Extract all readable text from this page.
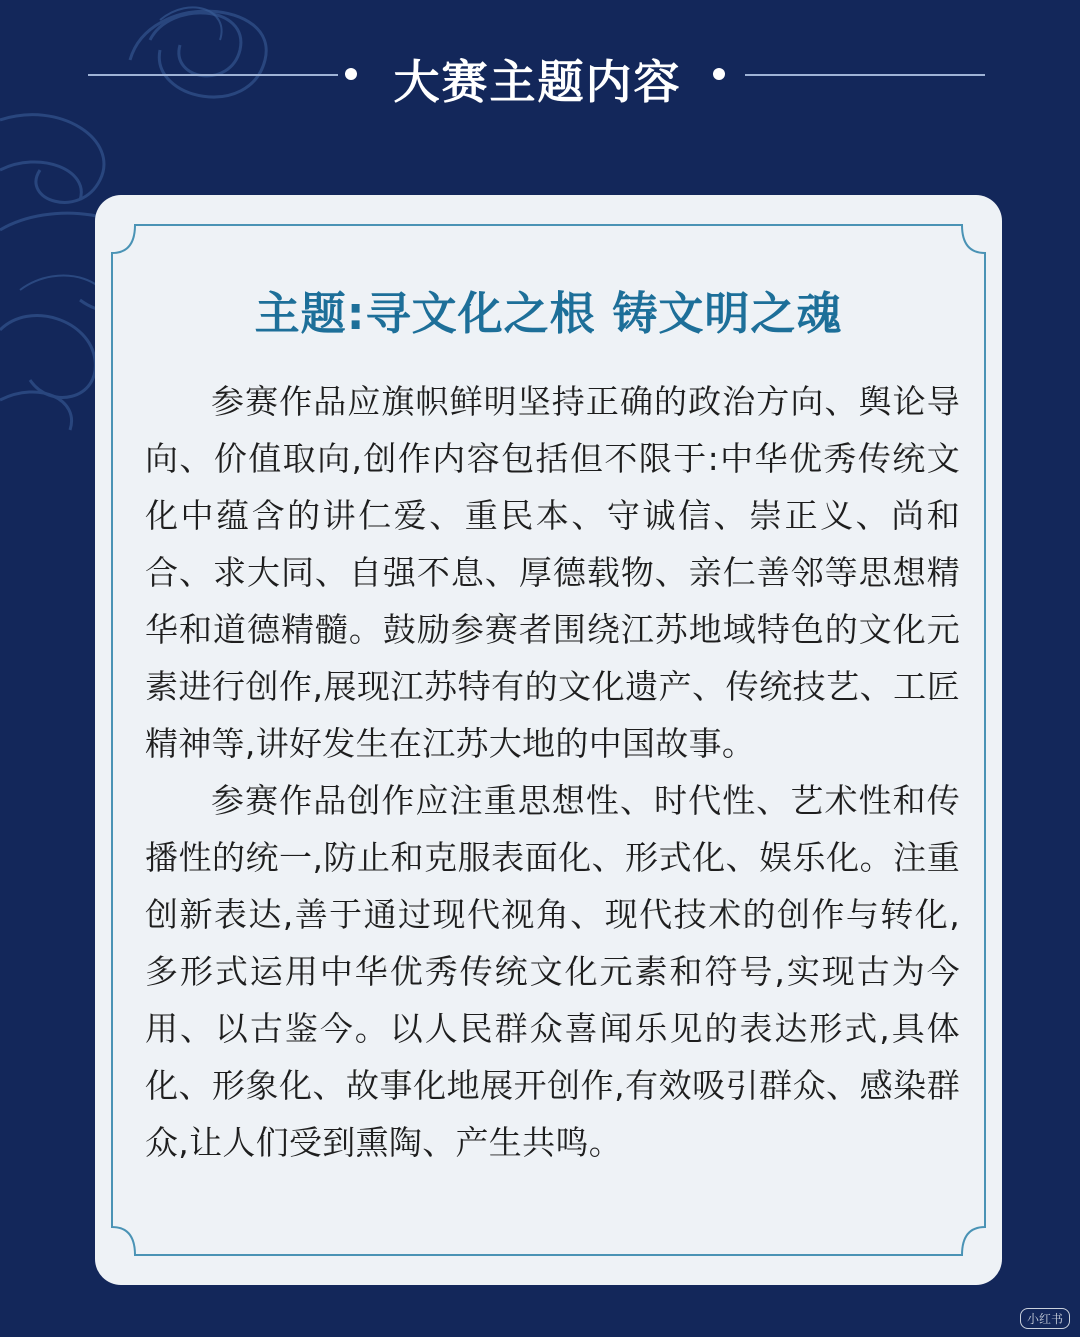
大赛主题内容
主题:寻文化之根 铸文明之魂

参赛作品应旗帜鲜明坚持正确的政治方向、舆论导向、价值取向,创作内容包括但不限于:中华优秀传统文化中蕴含的讲仁爱、重民本、守诚信、崇正义、尚和合、求大同、自强不息、厚德载物、亲仁善邻等思想精华和道德精髓。鼓励参赛者围绕江苏地域特色的文化元素进行创作,展现江苏特有的文化遗产、传统技艺、工匠精神等,讲好发生在江苏大地的中国故事。

参赛作品创作应注重思想性、时代性、艺术性和传播性的统一,防止和克服表面化、形式化、娱乐化。注重创新表达,善于通过现代视角、现代技术的创作与转化,多形式运用中华优秀传统文化元素和符号,实现古为今用、以古鉴今。以人民群众喜闻乐见的表达形式,具体化、形象化、故事化地展开创作,有效吸引群众、感染群众,让人们受到熏陶、产生共鸣。

小红书
